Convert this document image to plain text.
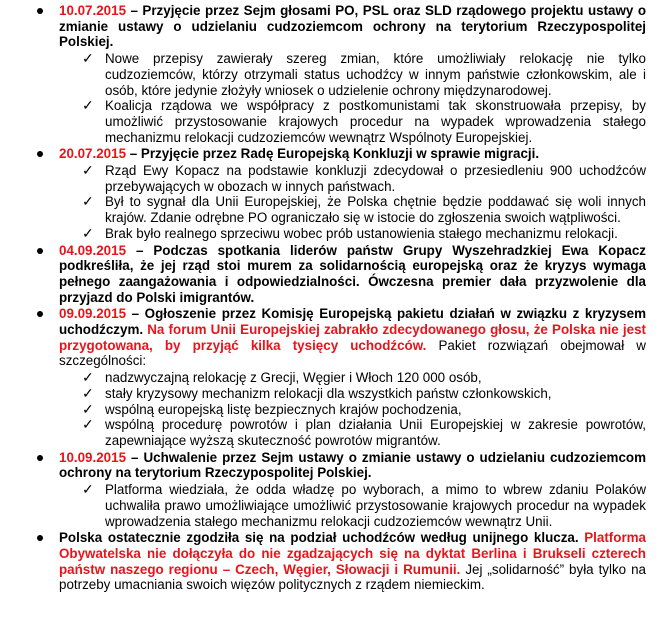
10.07.2015 – Przyjęcie przez Sejm głosami PO, PSL oraz SLD rządowego projektu ustawy o zmianie ustawy o udzielaniu cudzoziemcom ochrony na terytorium Rzeczypospolitej Polskiej.
✓ Nowe przepisy zawierały szereg zmian, które umożliwiały relokację nie tylko cudzoziemców, którzy otrzymali status uchodźcy w innym państwie członkowskim, ale i osób, które jedynie złożyły wniosek o udzielenie ochrony międzynarodowej.
✓ Koalicja rządowa we współpracy z postkomunistami tak skonstruowała przepisy, by umożliwić przystosowanie krajowych procedur na wypadek wprowadzenia stałego mechanizmu relokacji cudzoziemców wewnątrz Wspólnoty Europejskiej.
20.07.2015 – Przyjęcie przez Radę Europejską Konkluzji w sprawie migracji.
✓ Rząd Ewy Kopacz na podstawie konkluzji zdecydował o przesiedleniu 900 uchodźców przebywających w obozach w innych państwach.
✓ Był to sygnał dla Unii Europejskiej, że Polska chętnie będzie poddawać się woli innych krajów. Zdanie odrębne PO ograniczało się w istocie do zgłoszenia swoich wątpliwości.
✓ Brak było realnego sprzeciwu wobec prób ustanowienia stałego mechanizmu relokacji.
04.09.2015 – Podczas spotkania liderów państw Grupy Wyszehradzkiej Ewa Kopacz podkreśliła, że jej rząd stoi murem za solidarnością europejską oraz że kryzys wymaga pełnego zaangażowania i odpowiedzialności. Ówczesna premier dała przyzwolenie dla przyjazd do Polski imigrantów.
09.09.2015 – Ogłoszenie przez Komisję Europejską pakietu działań w związku z kryzysem uchodźczym. Na forum Unii Europejskiej zabrakło zdecydowanego głosu, że Polska nie jest przygotowana, by przyjąć kilka tysięcy uchodźców. Pakiet rozwiązań obejmował w szczególności:
✓ nadzwyczajną relokację z Grecji, Węgier i Włoch 120 000 osób,
✓ stały kryzysowy mechanizm relokacji dla wszystkich państw członkowskich,
✓ wspólną europejską listę bezpiecznych krajów pochodzenia,
✓ wspólną procedurę powrotów i plan działania Unii Europejskiej w zakresie powrotów, zapewniające wyższą skuteczność powrotów migrantów.
10.09.2015 – Uchwalenie przez Sejm ustawy o zmianie ustawy o udzielaniu cudzoziemcom ochrony na terytorium Rzeczypospolitej Polskiej.
✓ Platforma wiedziała, że odda władzę po wyborach, a mimo to wbrew zdaniu Polaków uchwaliła prawo umożliwiające umożliwić przystosowanie krajowych procedur na wypadek wprowadzenia stałego mechanizmu relokacji cudzoziemców wewnątrz Unii.
Polska ostatecznie zgodziła się na podział uchodźców według unijnego klucza. Platforma Obywatelska nie dołączyła do nie zgadzających się na dyktat Berlina i Brukseli czterech państw naszego regionu – Czech, Węgier, Słowacji i Rumunii. Jej „solidarność” była tylko na potrzeby umacniania swoich więzów politycznych z rządem niemieckim.
